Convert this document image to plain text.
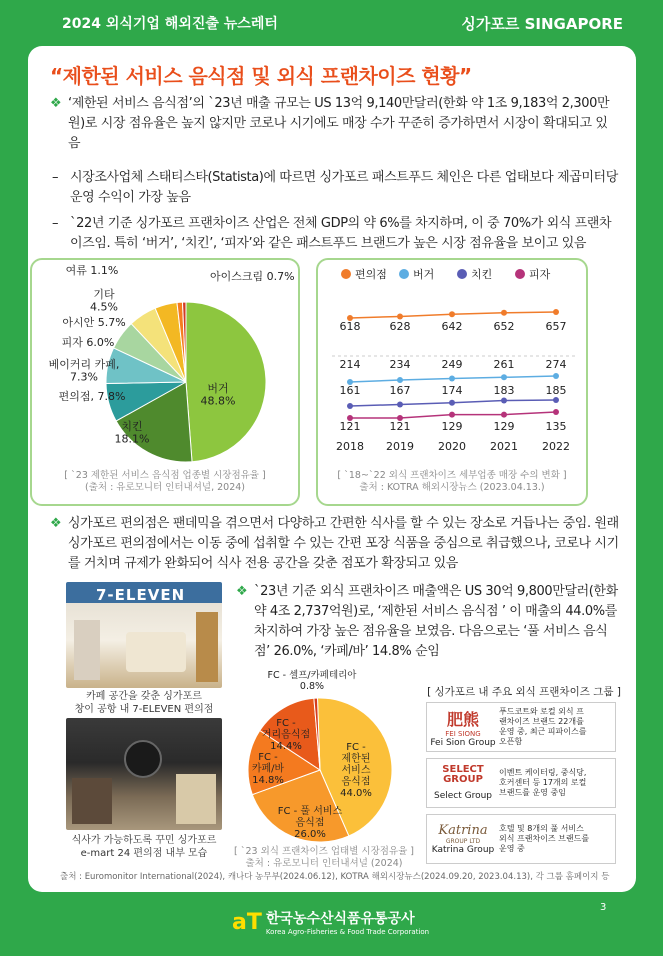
2024 외식기업 해외진출 뉴스레터	싱가포르 SINGAPORE
“제한된 서비스 음식점 및 외식 프랜차이즈 현황”
❖ ‘제한된 서비스 음식점’의 `23년 매출 규모는 US 13억 9,140만달러(한화 약 1조 9,183억 2,300만원)로 시장 점유율은 높지 않지만 코로나 시기에도 매장 수가 꾸준히 증가하면서 시장이 확대되고 있음
– 시장조사업체 스태티스타(Statista)에 따르면 싱가포르 패스트푸드 체인은 다른 업태보다 제곱미터당 운영 수익이 가장 높음
– `22년 기준 싱가포르 프랜차이즈 산업은 전체 GDP의 약 6%를 차지하며, 이 중 70%가 외식 프랜차이즈임. 특히 ‘버거’, ‘치킨’, ‘피자’와 같은 패스트푸드 브랜드가 높은 시장 점유율을 보이고 있음
버거 48.8%
치킨 18.1%
편의점, 7.8%
베이커리 카페, 7.3%
피자 6.0%
아시안 5.7%
기타 4.5%
여류 1.1%	아이스크림 0.7%
[ `23 제한된 서비스 음식점 업종별 시장점유율 ]
(출처 : 유로모니터 인터내셔널, 2024)
편의점 버거	치킨	피자
618	628	642	652	657
214	234	249	261	274
161	167	174	183	185
121	121	129	129	135
2018 2019 2020 2021 2022
[ `18~`22 외식 프랜차이즈 세부업종 매장 수의 변화 ]
출처 : KOTRA 해외시장뉴스 (2023.04.13.)
❖ 싱가포르 편의점은 팬데믹을 겪으면서 다양하고 간편한 식사를 할 수 있는 장소로 거듭나는 중임. 원래 싱가포르 편의점에서는 이동 중에 섭취할 수 있는 간편 포장 식품을 중심으로 취급했으나, 코로나 시기를 거치며 규제가 완화되어 식사 전용 공간을 갖춘 점포가 확장되고 있음
7-ELEVEN
카페 공간을 갖춘 싱가포르
창이 공항 내 7-ELEVEN 편의점
식사가 가능하도록 꾸민 싱가포르
e-mart 24 편의점 내부 모습
❖ `23년 기준 외식 프랜차이즈 매출액은 US 30억 9,800만달러(한화 약 4조 2,737억원)로, ‘제한된 서비스 음식점 ’ 이 매출의 44.0%를 차지하여 가장 높은 점유율을 보였음. 다음으로는 ‘풀 서비스 음식점’ 26.0%, ‘카페/바’ 14.8% 순임
FC -제한된 서비스 음식점 44.0%
FC - 풀 서비스 음식점 26.0%
FC -카페/바 14.8%
FC -거리음식점 14.4%
FC - 셀프/카페테리아 0.8%
[ `23 외식 프랜차이즈 업태별 시장점유율 ]
출처 : 유로모니터 인터내셔널 (2024)
[ 싱가포르 내 주요 외식 프랜차이즈 그룹 ]
肥熊
FEI SIONG
Fei Sion Group
푸드코트와 로컬 외식 프랜차이즈 브랜드 22개를 운영 중, 최근 피파이스를 오픈함
SELECT GROUP
Select Group
이벤트 케이터링, 중식당, 호커센터 등 17개의 로컬 브랜드를 운영 중임
Katrina
GROUP LTD
Katrina Group
호텔 및 8개의 풀 서비스 외식 프랜차이즈 브랜드를 운영 중
출처 : Euromonitor International(2024), 캐나다 농무부(2024.06.12), KOTRA 해외시장뉴스(2024.09.20, 2023.04.13), 각 그룹 홈페이지 등
3
aT 한국농수산식품유통공사
Korea Agro-Fisheries & Food Trade Corporation
